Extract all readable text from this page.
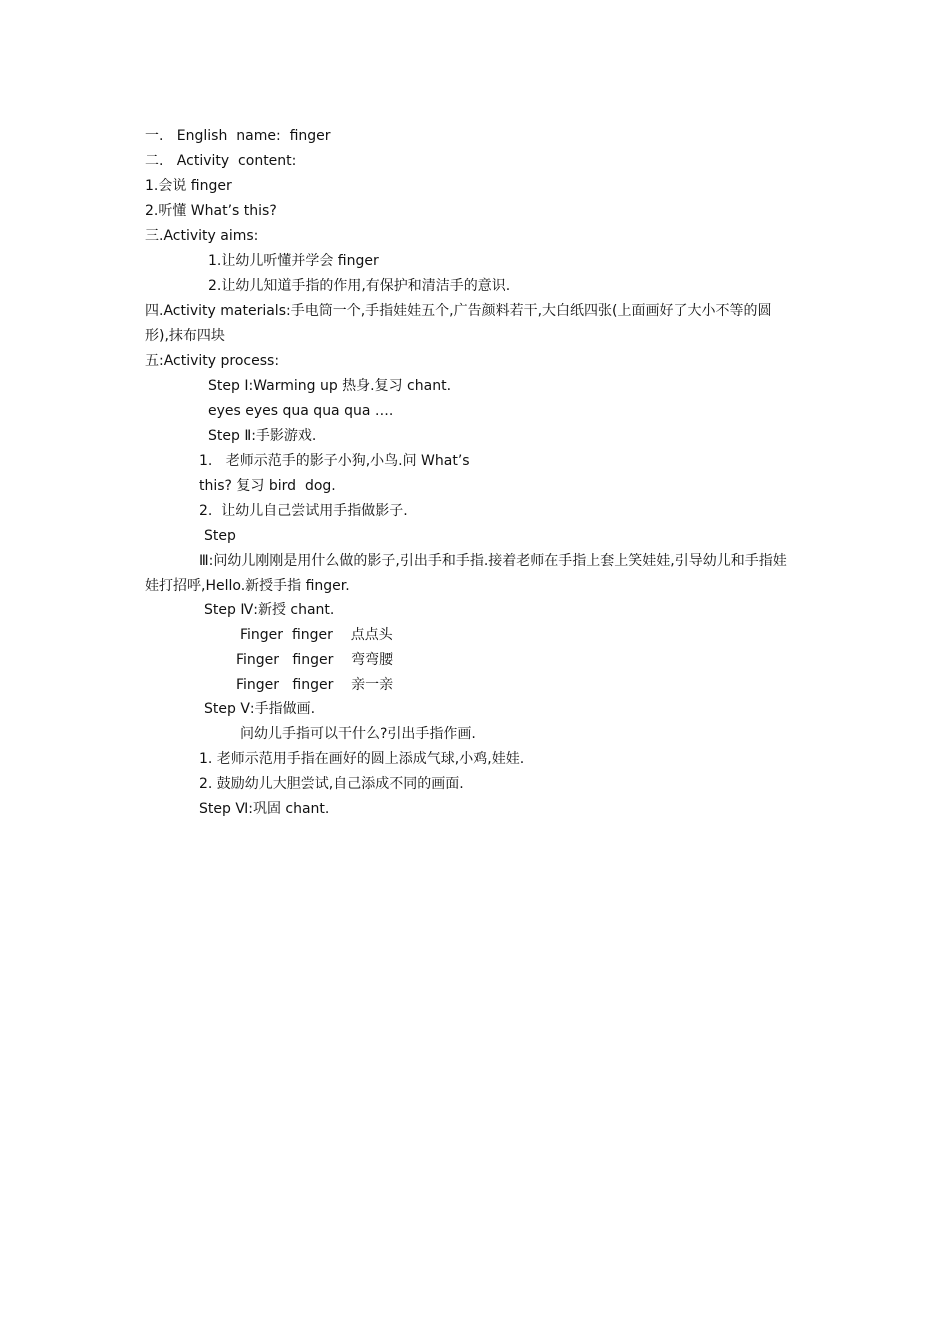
一.   English  name:  finger
二.   Activity  content:
1.会说 finger
2.听懂 What’s this?
三.Activity aims:
1.让幼儿听懂并学会 finger
2.让幼儿知道手指的作用,有保护和清洁手的意识.
四.Activity materials:手电筒一个,手指娃娃五个,广告颜料若干,大白纸四张(上面画好了大小不等的圆
形),抹布四块
五:Activity process:
Step Ⅰ:Warming up 热身.复习 chant.
eyes eyes qua qua qua ….
Step Ⅱ:手影游戏.
1.   老师示范手的影子小狗,小鸟.问 What’s
this? 复习 bird  dog.
2.  让幼儿自己尝试用手指做影子.
Step
Ⅲ:问幼儿刚刚是用什么做的影子,引出手和手指.接着老师在手指上套上笑娃娃,引导幼儿和手指娃
娃打招呼,Hello.新授手指 finger.
Step Ⅳ:新授 chant.
Finger  finger    点点头
Finger   finger    弯弯腰
Finger   finger    亲一亲
Step Ⅴ:手指做画.
问幼儿手指可以干什么?引出手指作画.
1. 老师示范用手指在画好的圆上添成气球,小鸡,娃娃.
2. 鼓励幼儿大胆尝试,自己添成不同的画面.
Step Ⅵ:巩固 chant.
